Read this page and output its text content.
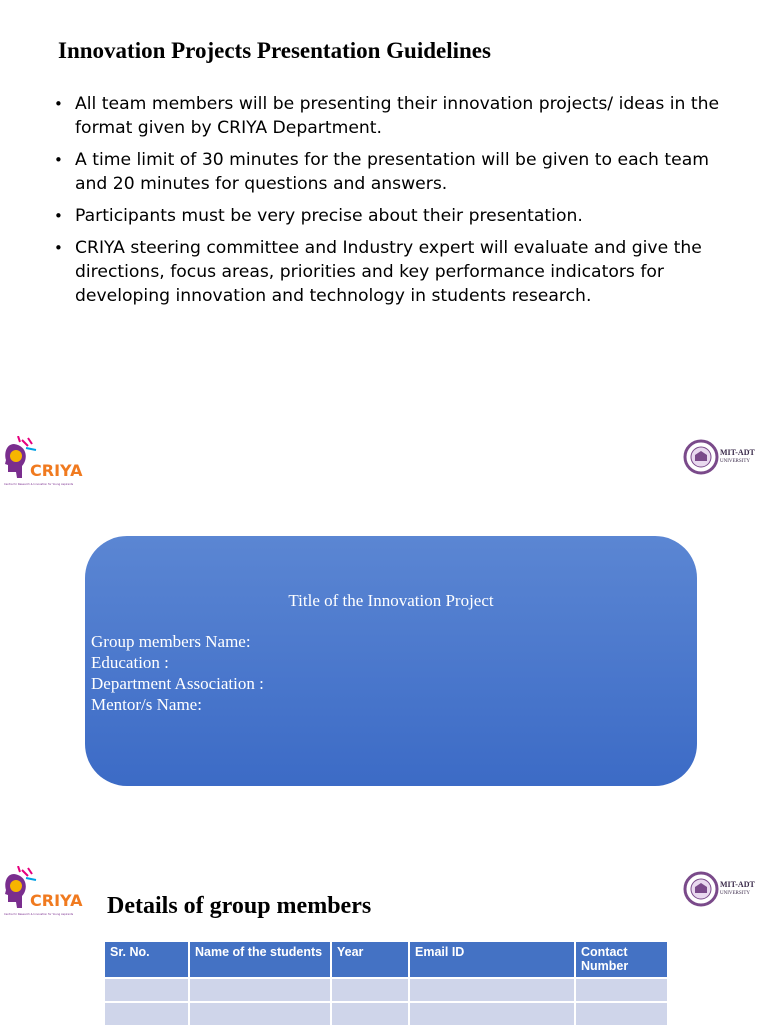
Innovation Projects Presentation Guidelines
• All team members will be presenting their innovation projects/ ideas in the format given by CRIYA Department.
• A time limit of 30 minutes for the presentation will be given to each team and 20 minutes for questions and answers.
• Participants must be very precise about their presentation.
• CRIYA steering committee and Industry expert will evaluate and give the directions, focus areas, priorities and key performance indicators for developing innovation and technology in students research.
CRIYA
Centre for Research & Innovation for Young Aspirants
MIT-ADT
UNIVERSITY
Title of the Innovation Project
Group members Name:
Education :
Department Association :
Mentor/s Name:
CRIYA
Centre for Research & Innovation for Young Aspirants
MIT-ADT
UNIVERSITY
Details of group members
Sr. No.	Name of the students	Year	Email ID	Contact Number
